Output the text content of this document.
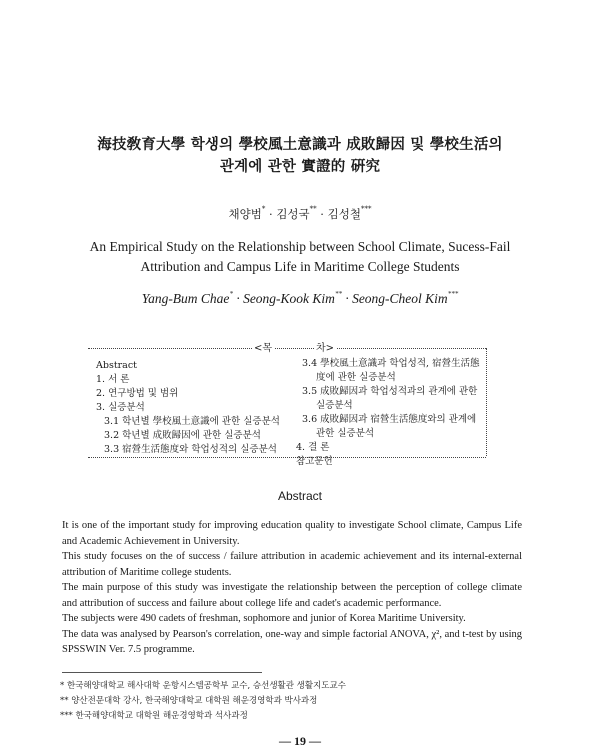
海技敎育大學 학생의 學校風土意識과 成敗歸因 및 學校生活의
관계에 관한 實證的 硏究
채양범* · 김성국** · 김성철***
An Empirical Study on the Relationship between School Climate, Sucess-Fail
Attribution and Campus Life in Maritime College Students
Yang-Bum Chae* · Seong-Kook Kim** · Seong-Cheol Kim***
<목	차>
Abstract
1. 서 론
2. 연구방법 및 범위
3. 실증분석
3.1 학년별 學校風土意識에 관한 실증분석
3.2 학년별 成敗歸因에 관한 실증분석
3.3 宿營生活態度와 학업성적의 실증분석
3.4 學校風土意識과 학업성적, 宿營生活態
度에 관한 실증분석
3.5 成敗歸因과 학업성적과의 관계에 관한
실증분석
3.6 成敗歸因과 宿營生活態度와의 관계에
관한 실증분석
4. 결 론
참고문헌
Abstract
It is one of the important study for improving education quality to investigate School climate, Campus Life and Academic Achievement in University.
This study focuses on the of success / failure attribution in academic achievement and its internal-external attribution of Maritime college students.
The main purpose of this study was investigate the relationship between the perception of college climate and attribution of success and failure about college life and cadet's academic performance.
The subjects were 490 cadets of freshman, sophomore and junior of Korea Maritime University.
The data was analysed by Pearson's correlation, one-way and simple factorial ANOVA, χ², and t-test by using SPSSWIN Ver. 7.5 programme.
* 한국해양대학교 해사대학 운항시스템공학부 교수, 승선생활관 생활지도교수
** 양산전문대학 강사, 한국해양대학교 대학원 해운경영학과 박사과정
*** 한국해양대학교 대학원 해운경영학과 석사과정
— 19 —
